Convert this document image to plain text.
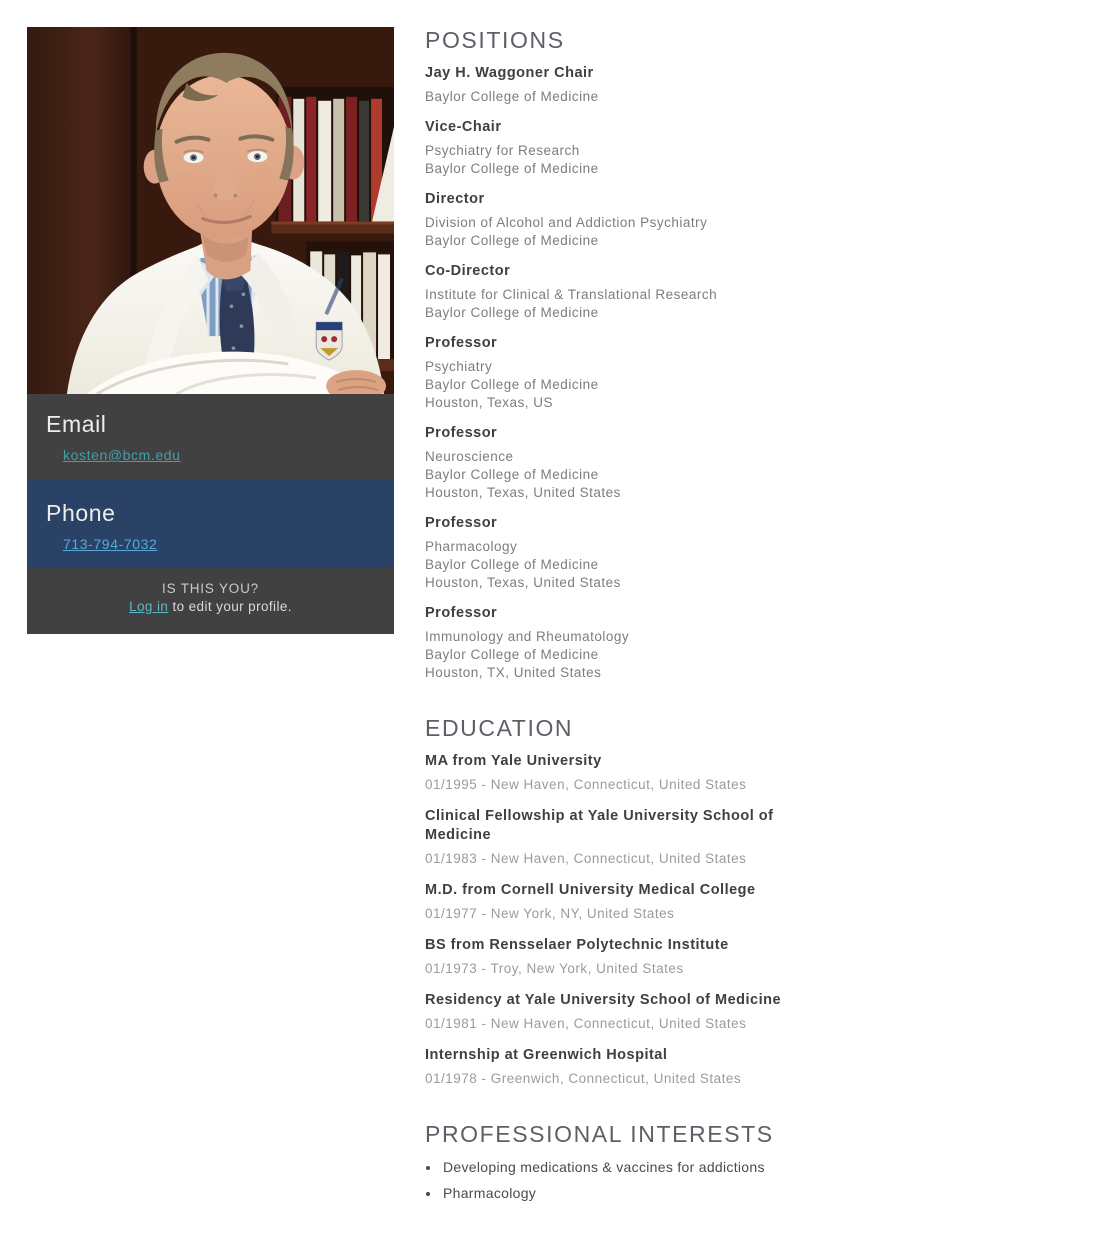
Email
kosten@bcm.edu
Phone
713-794-7032
IS THIS YOU?
Log in to edit your profile.
POSITIONS
Jay H. Waggoner Chair
Baylor College of Medicine
Vice-Chair
Psychiatry for Research
Baylor College of Medicine
Director
Division of Alcohol and Addiction Psychiatry
Baylor College of Medicine
Co-Director
Institute for Clinical & Translational Research
Baylor College of Medicine
Professor
Psychiatry
Baylor College of Medicine
Houston, Texas, US
Professor
Neuroscience
Baylor College of Medicine
Houston, Texas, United States
Professor
Pharmacology
Baylor College of Medicine
Houston, Texas, United States
Professor
Immunology and Rheumatology
Baylor College of Medicine
Houston, TX, United States
EDUCATION
MA from Yale University
01/1995 - New Haven, Connecticut, United States
Clinical Fellowship at Yale University School of Medicine
01/1983 - New Haven, Connecticut, United States
M.D. from Cornell University Medical College
01/1977 - New York, NY, United States
BS from Rensselaer Polytechnic Institute
01/1973 - Troy, New York, United States
Residency at Yale University School of Medicine
01/1981 - New Haven, Connecticut, United States
Internship at Greenwich Hospital
01/1978 - Greenwich, Connecticut, United States
PROFESSIONAL INTERESTS
• Developing medications & vaccines for addictions
• Pharmacology
